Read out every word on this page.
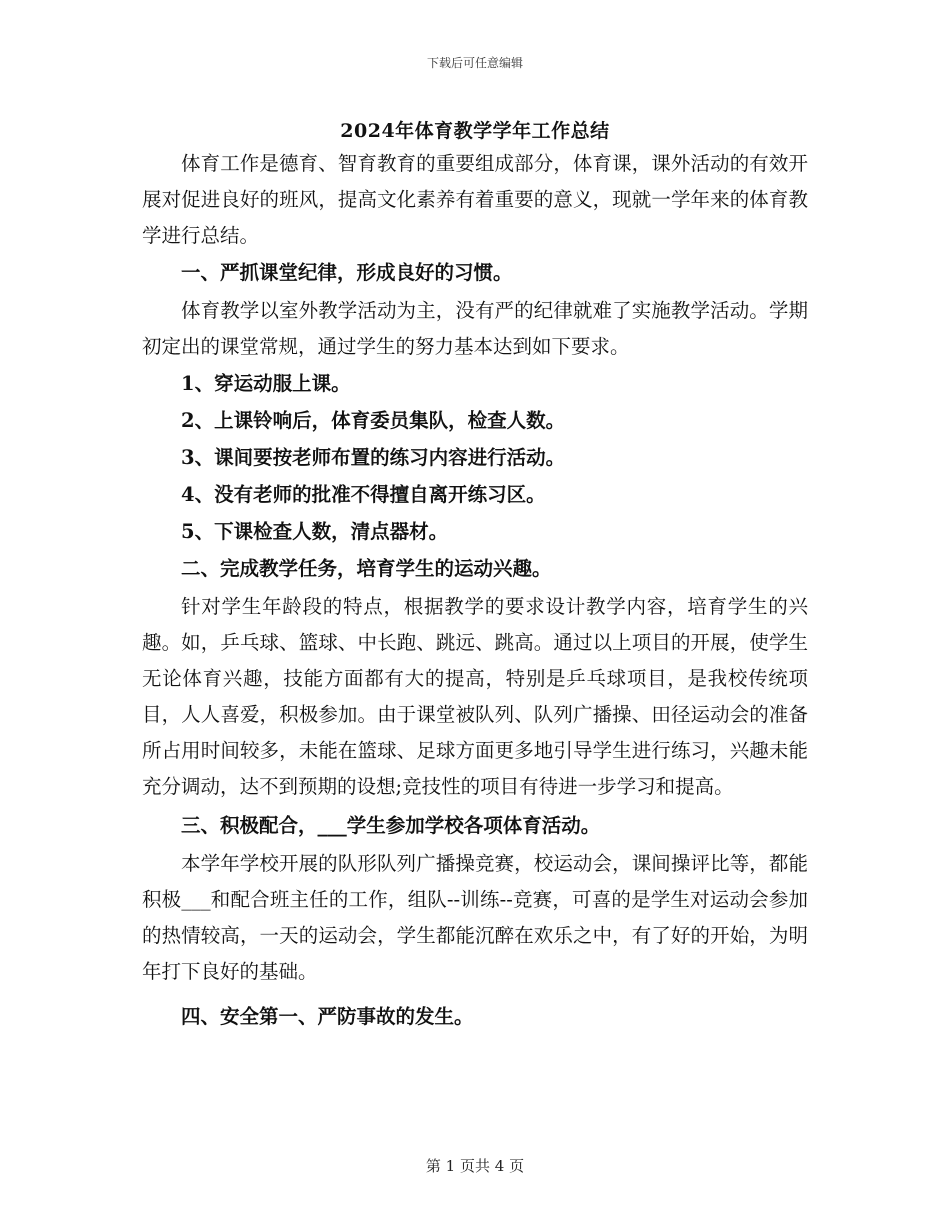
下载后可任意编辑
2024年体育教学学年工作总结

体育工作是德育、智育教育的重要组成部分，体育课，课外活动的有效开展对促进良好的班风，提高文化素养有着重要的意义，现就一学年来的体育教学进行总结。

一、严抓课堂纪律，形成良好的习惯。

体育教学以室外教学活动为主，没有严的纪律就难了实施教学活动。学期初定出的课堂常规，通过学生的努力基本达到如下要求。

1、穿运动服上课。

2、上课铃响后，体育委员集队，检查人数。

3、课间要按老师布置的练习内容进行活动。

4、没有老师的批准不得擅自离开练习区。

5、下课检查人数，清点器材。

二、完成教学任务，培育学生的运动兴趣。

针对学生年龄段的特点，根据教学的要求设计教学内容，培育学生的兴趣。如，乒乓球、篮球、中长跑、跳远、跳高。通过以上项目的开展，使学生无论体育兴趣，技能方面都有大的提高，特别是乒乓球项目，是我校传统项目，人人喜爱，积极参加。由于课堂被队列、队列广播操、田径运动会的准备所占用时间较多，未能在篮球、足球方面更多地引导学生进行练习，兴趣未能充分调动，达不到预期的设想;竞技性的项目有待进一步学习和提高。

三、积极配合，___学生参加学校各项体育活动。

本学年学校开展的队形队列广播操竞赛，校运动会，课间操评比等，都能积极___和配合班主任的工作，组队--训练--竞赛，可喜的是学生对运动会参加的热情较高，一天的运动会，学生都能沉醉在欢乐之中，有了好的开始，为明年打下良好的基础。

四、安全第一、严防事故的发生。

第 1 页共 4 页
